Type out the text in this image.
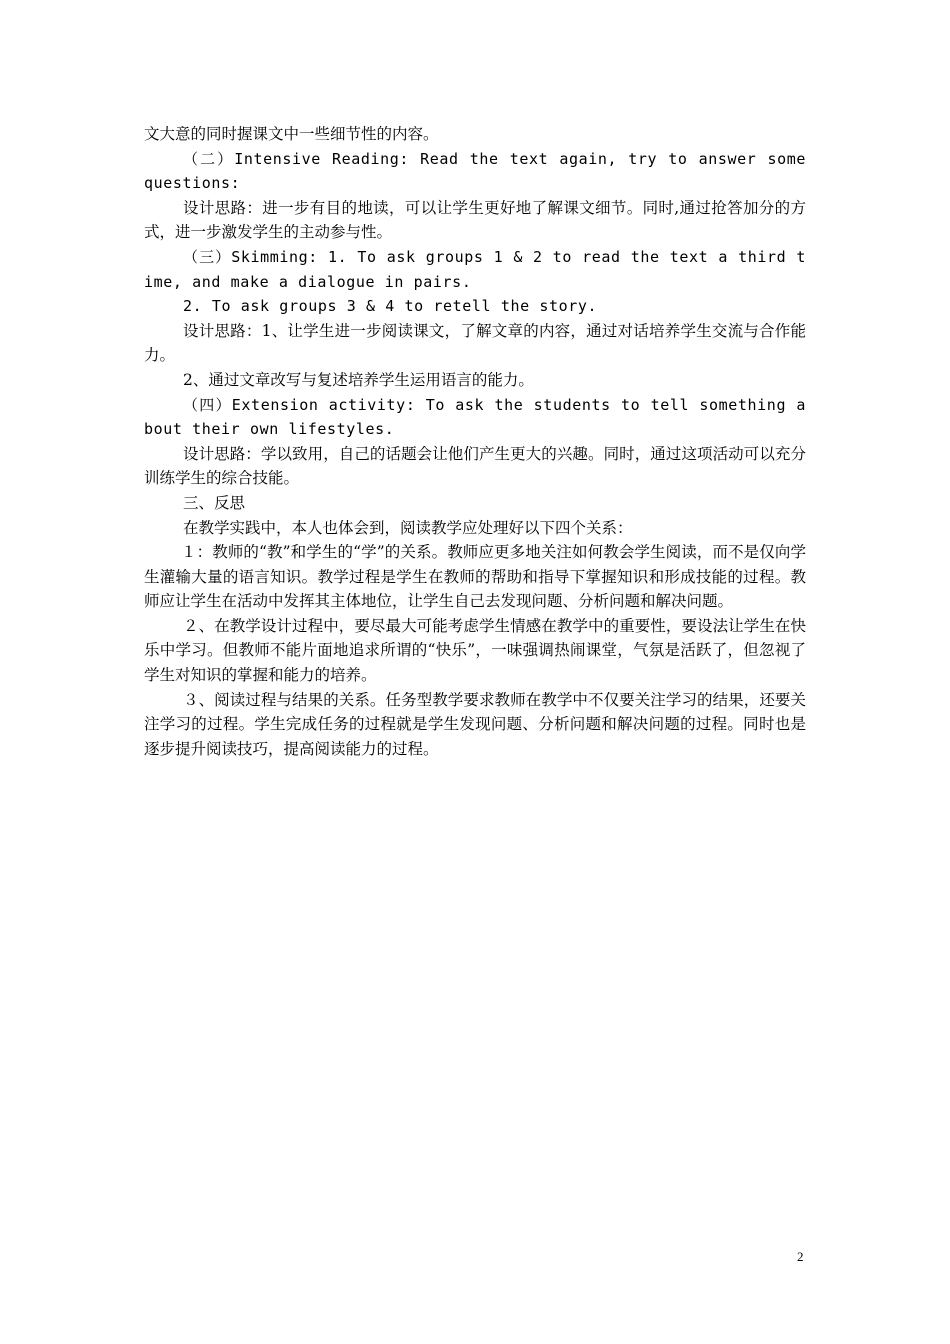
文大意的同时握课文中一些细节性的内容。

（二）Intensive Reading: Read the text again, try to answer some questions:

设计思路：进一步有目的地读，可以让学生更好地了解课文细节。同时,通过抢答加分的方式，进一步激发学生的主动参与性。

（三）Skimming: 1. To ask groups 1 & 2 to read the text a third time, and make a dialogue in pairs.

2. To ask groups 3 & 4 to retell the story.

设计思路：1、让学生进一步阅读课文，了解文章的内容，通过对话培养学生交流与合作能力。

2、通过文章改写与复述培养学生运用语言的能力。

（四）Extension activity: To ask the students to tell something about their own lifestyles.

设计思路：学以致用，自己的话题会让他们产生更大的兴趣。同时，通过这项活动可以充分训练学生的综合技能。

三、反思

在教学实践中，本人也体会到，阅读教学应处理好以下四个关系：

１：教师的“教”和学生的“学”的关系。教师应更多地关注如何教会学生阅读，而不是仅向学生灌输大量的语言知识。教学过程是学生在教师的帮助和指导下掌握知识和形成技能的过程。教师应让学生在活动中发挥其主体地位，让学生自己去发现问题、分析问题和解决问题。

２、在教学设计过程中，要尽最大可能考虑学生情感在教学中的重要性，要设法让学生在快乐中学习。但教师不能片面地追求所谓的“快乐”，一味强调热闹课堂，气氛是活跃了，但忽视了学生对知识的掌握和能力的培养。

３、阅读过程与结果的关系。任务型教学要求教师在教学中不仅要关注学习的结果，还要关注学习的过程。学生完成任务的过程就是学生发现问题、分析问题和解决问题的过程。同时也是逐步提升阅读技巧，提高阅读能力的过程。

2
